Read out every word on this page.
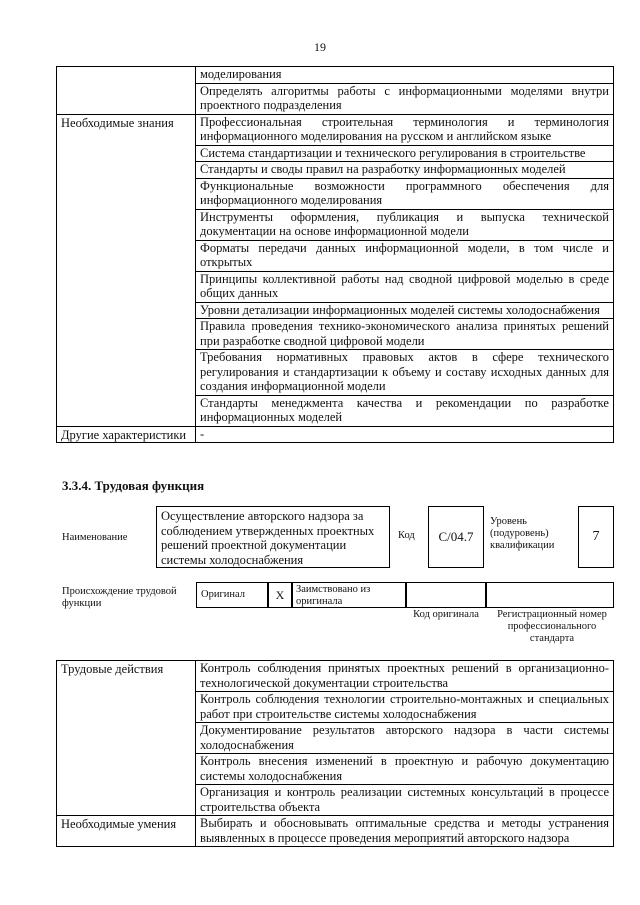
19
	моделирования
	Определять алгоритмы работы с информационными моделями внутри проектного подразделения
Необходимые знания	Профессиональная строительная терминология и терминология информационного моделирования на русском и английском языке
	Система стандартизации и технического регулирования в строительстве
	Стандарты и своды правил на разработку информационных моделей
	Функциональные возможности программного обеспечения для информационного моделирования
	Инструменты оформления, публикация и выпуска технической документации на основе информационной модели
	Форматы передачи данных информационной модели, в том числе и открытых
	Принципы коллективной работы над сводной цифровой моделью в среде общих данных
	Уровни детализации информационных моделей системы холодоснабжения
	Правила проведения технико-экономического анализа принятых решений при разработке сводной цифровой модели
	Требования нормативных правовых актов в сфере технического регулирования и стандартизации к объему и составу исходных данных для создания информационной модели
	Стандарты менеджмента качества и рекомендации по разработке информационных моделей
Другие характеристики	-
3.3.4. Трудовая функция
Наименование
Осуществление авторского надзора за соблюдением утвержденных проектных решений проектной документации системы холодоснабжения
Код	C/04.7
Уровень (подуровень) квалификации
7
Происхождение трудовой функции
Оригинал	X	Заимствовано из оригинала
Код оригинала	Регистрационный номер профессионального стандарта
Трудовые действия	Контроль соблюдения принятых проектных решений в организационно-технологической документации строительства
	Контроль соблюдения технологии строительно-монтажных и специальных работ при строительстве системы холодоснабжения
	Документирование результатов авторского надзора в части системы холодоснабжения
	Контроль внесения изменений в проектную и рабочую документацию системы холодоснабжения
	Организация и контроль реализации системных консультаций в процессе строительства объекта
Необходимые умения	Выбирать и обосновывать оптимальные средства и методы устранения выявленных в процессе проведения мероприятий авторского надзора
